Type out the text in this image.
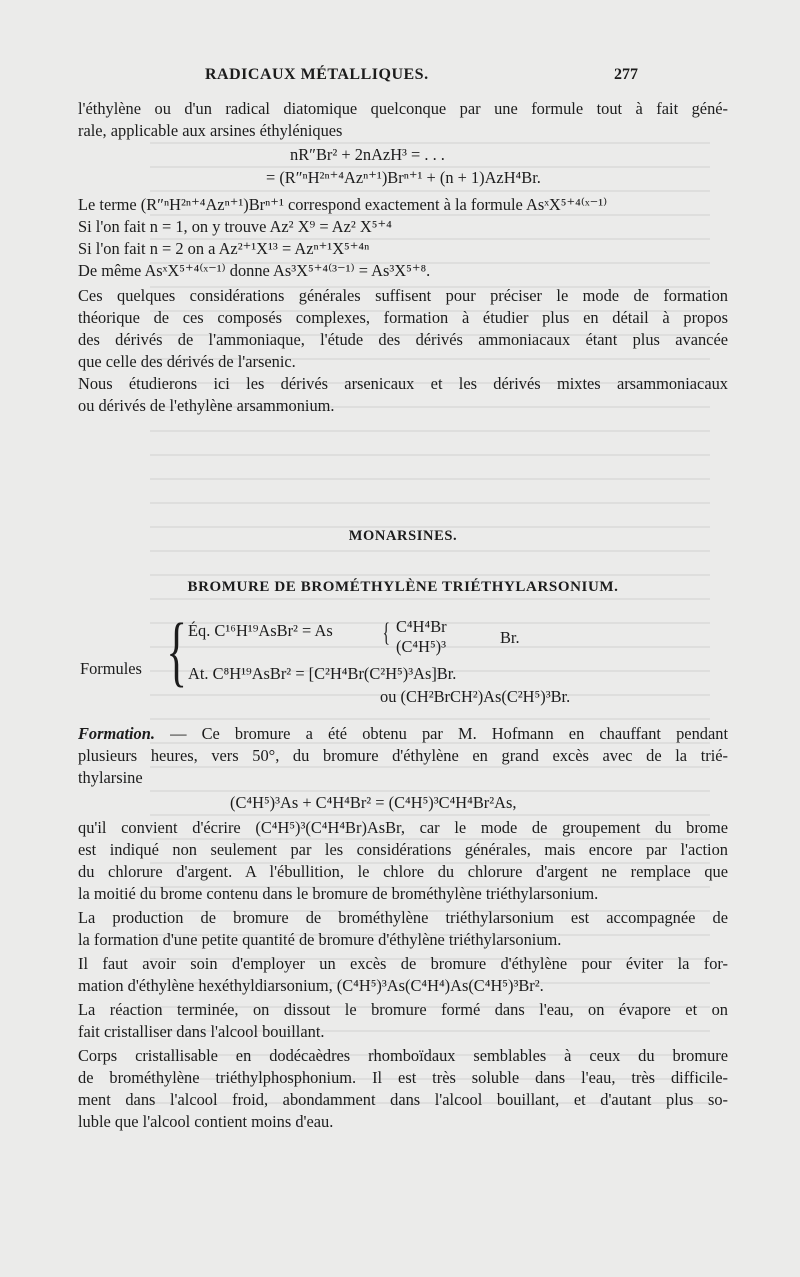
RADICAUX MÉTALLIQUES.	277
l'éthylène ou d'un radical diatomique quelconque par une formule tout à fait géné-
rale, applicable aux arsines éthyléniques
nR″Br² + 2nAzH³ = . . .
= (R″ⁿH²ⁿ⁺⁴Azⁿ⁺¹)Brⁿ⁺¹ + (n + 1)AzH⁴Br.
Le terme (R″ⁿH²ⁿ⁺⁴Azⁿ⁺¹)Brⁿ⁺¹ correspond exactement à la formule AsˣX⁵⁺⁴⁽ˣ⁻¹⁾
Si l'on fait n = 1, on y trouve Az² X⁹ = Az² X⁵⁺⁴
Si l'on fait n = 2 on a Az²⁺¹X¹³ = Azⁿ⁺¹X⁵⁺⁴ⁿ
De même AsˣX⁵⁺⁴⁽ˣ⁻¹⁾ donne As³X⁵⁺⁴⁽³⁻¹⁾ = As³X⁵⁺⁸.
Ces quelques considérations générales suffisent pour préciser le mode de formation
théorique de ces composés complexes, formation à étudier plus en détail à propos
des dérivés de l'ammoniaque, l'étude des dérivés ammoniacaux étant plus avancée
que celle des dérivés de l'arsenic.
Nous étudierons ici les dérivés arsenicaux et les dérivés mixtes arsammoniacaux
ou dérivés de l'ethylène arsammonium.
MONARSINES.
BROMURE DE BROMÉTHYLÈNE TRIÉTHYLARSONIUM.
Formules { Éq. C¹⁶H¹⁹AsBr² = As	{ C⁴H⁴Br
(C⁴H⁵)³	Br.
At. C⁸H¹⁹AsBr² = [C²H⁴Br(C²H⁵)³As]Br.
ou (CH²BrCH²)As(C²H⁵)³Br.
Formation. — Ce bromure a été obtenu par M. Hofmann en chauffant pendant
plusieurs heures, vers 50°, du bromure d'éthylène en grand excès avec de la trié-
thylarsine
(C⁴H⁵)³As + C⁴H⁴Br² = (C⁴H⁵)³C⁴H⁴Br²As,
qu'il convient d'écrire (C⁴H⁵)³(C⁴H⁴Br)AsBr, car le mode de groupement du brome
est indiqué non seulement par les considérations générales, mais encore par l'action
du chlorure d'argent. A l'ébullition, le chlore du chlorure d'argent ne remplace que
la moitié du brome contenu dans le bromure de brométhylène triéthylarsonium.
La production de bromure de brométhylène triéthylarsonium est accompagnée de
la formation d'une petite quantité de bromure d'éthylène triéthylarsonium.
Il faut avoir soin d'employer un excès de bromure d'éthylène pour éviter la for-
mation d'éthylène hexéthyldiarsonium, (C⁴H⁵)³As(C⁴H⁴)As(C⁴H⁵)³Br².
La réaction terminée, on dissout le bromure formé dans l'eau, on évapore et on
fait cristalliser dans l'alcool bouillant.
Corps cristallisable en dodécaèdres rhomboïdaux semblables à ceux du bromure
de brométhylène triéthylphosphonium. Il est très soluble dans l'eau, très difficile-
ment dans l'alcool froid, abondamment dans l'alcool bouillant, et d'autant plus so-
luble que l'alcool contient moins d'eau.
